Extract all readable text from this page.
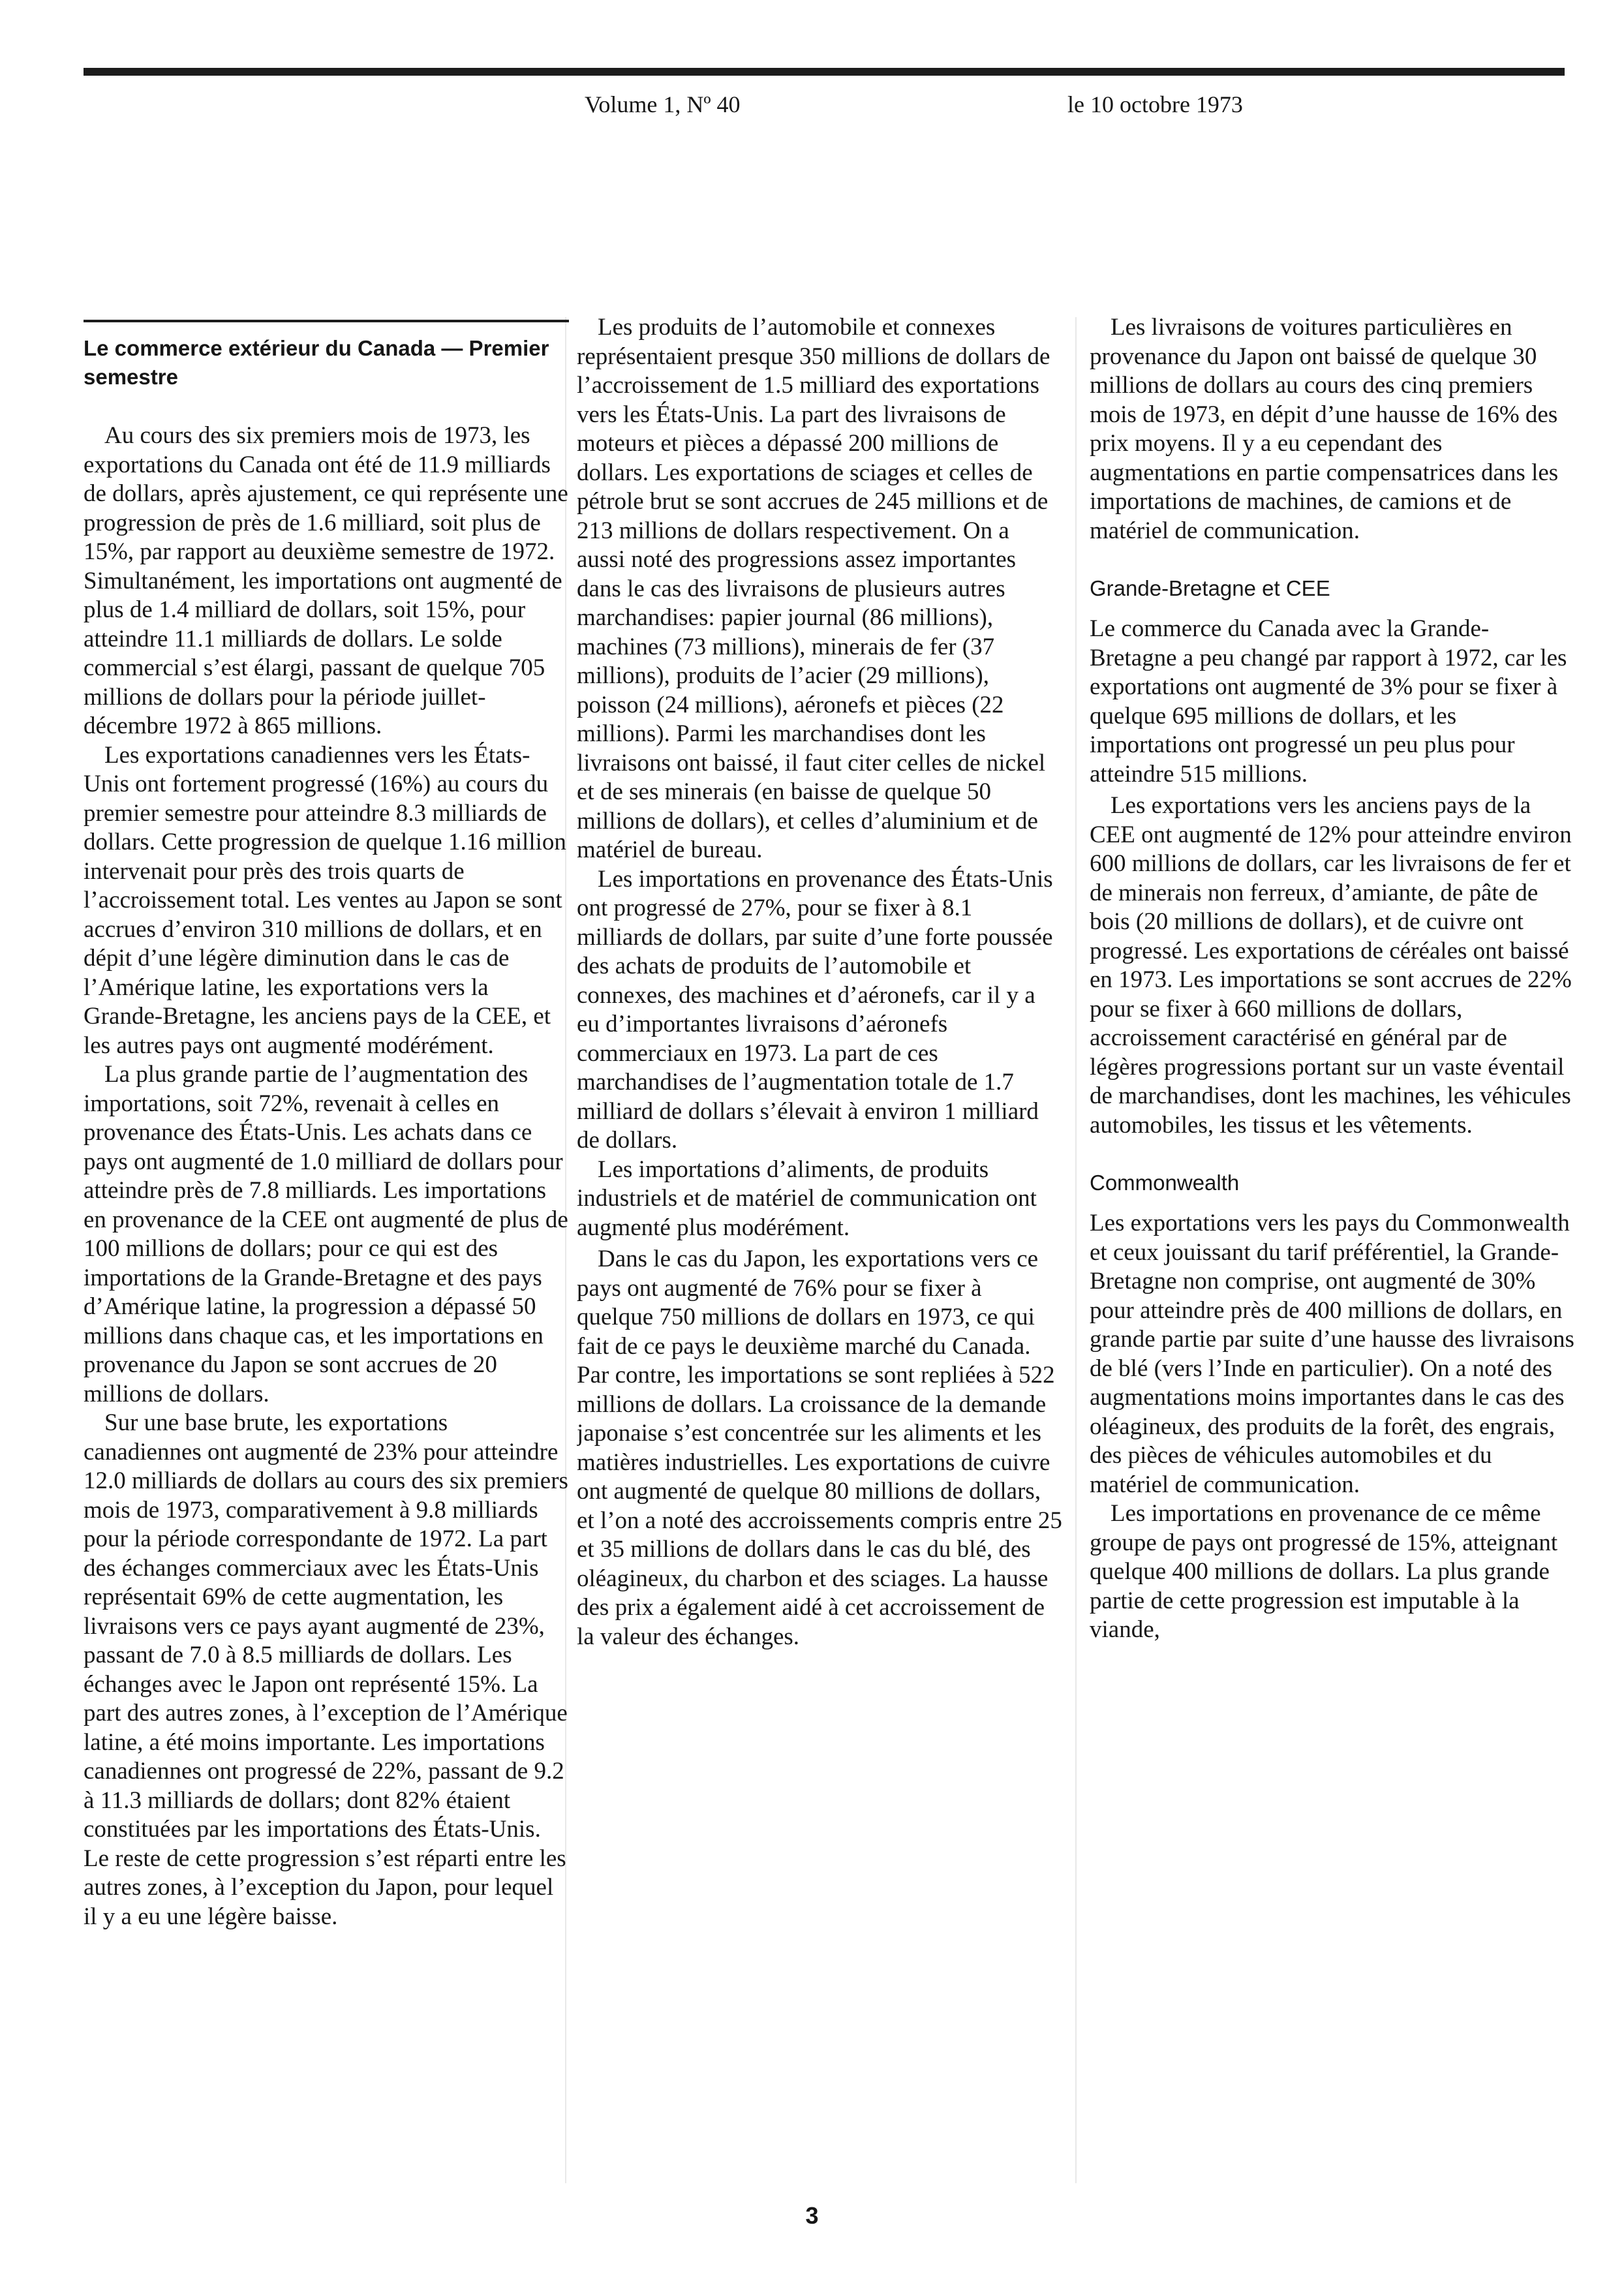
Volume 1, Nº 40	le 10 octobre 1973
Le commerce extérieur du Canada — Premier semestre

Au cours des six premiers mois de 1973, les exportations du Canada ont été de 11.9 milliards de dollars, après ajustement, ce qui représente une progression de près de 1.6 milliard, soit plus de 15%, par rapport au deuxième semestre de 1972. Simultanément, les importations ont augmenté de plus de 1.4 milliard de dollars, soit 15%, pour atteindre 11.1 milliards de dollars. Le solde commercial s’est élargi, passant de quelque 705 millions de dollars pour la période juillet-décembre 1972 à 865 millions.

Les exportations canadiennes vers les États-Unis ont fortement progressé (16%) au cours du premier semestre pour atteindre 8.3 milliards de dollars. Cette progression de quelque 1.16 million intervenait pour près des trois quarts de l’accroissement total. Les ventes au Japon se sont accrues d’environ 310 millions de dollars, et en dépit d’une légère diminution dans le cas de l’Amérique latine, les exportations vers la Grande-Bretagne, les anciens pays de la CEE, et les autres pays ont augmenté modérément.

La plus grande partie de l’augmentation des importations, soit 72%, revenait à celles en provenance des États-Unis. Les achats dans ce pays ont augmenté de 1.0 milliard de dollars pour atteindre près de 7.8 milliards. Les importations en provenance de la CEE ont augmenté de plus de 100 millions de dollars; pour ce qui est des importations de la Grande-Bretagne et des pays d’Amérique latine, la progression a dépassé 50 millions dans chaque cas, et les importations en provenance du Japon se sont accrues de 20 millions de dollars.

Sur une base brute, les exportations canadiennes ont augmenté de 23% pour atteindre 12.0 milliards de dollars au cours des six premiers mois de 1973, comparativement à 9.8 milliards pour la période correspondante de 1972. La part des échanges commerciaux avec les États-Unis représentait 69% de cette augmentation, les livraisons vers ce pays ayant augmenté de 23%, passant de 7.0 à 8.5 milliards de dollars. Les échanges avec le Japon ont représenté 15%. La part des autres zones, à l’exception de l’Amérique latine, a été moins importante. Les importations canadiennes ont progressé de 22%, passant de 9.2 à 11.3 milliards de dollars; dont 82% étaient constituées par les importations des États-Unis. Le reste de cette progression s’est réparti entre les autres zones, à l’exception du Japon, pour lequel il y a eu une légère baisse.

Les produits de l’automobile et connexes représentaient presque 350 millions de dollars de l’accroissement de 1.5 milliard des exportations vers les États-Unis. La part des livraisons de moteurs et pièces a dépassé 200 millions de dollars. Les exportations de sciages et celles de pétrole brut se sont accrues de 245 millions et de 213 millions de dollars respectivement. On a aussi noté des progressions assez importantes dans le cas des livraisons de plusieurs autres marchandises: papier journal (86 millions), machines (73 millions), minerais de fer (37 millions), produits de l’acier (29 millions), poisson (24 millions), aéronefs et pièces (22 millions). Parmi les marchandises dont les livraisons ont baissé, il faut citer celles de nickel et de ses minerais (en baisse de quelque 50 millions de dollars), et celles d’aluminium et de matériel de bureau.

Les importations en provenance des États-Unis ont progressé de 27%, pour se fixer à 8.1 milliards de dollars, par suite d’une forte poussée des achats de produits de l’automobile et connexes, des machines et d’aéronefs, car il y a eu d’importantes livraisons d’aéronefs commerciaux en 1973. La part de ces marchandises de l’augmentation totale de 1.7 milliard de dollars s’élevait à environ 1 milliard de dollars.

Les importations d’aliments, de produits industriels et de matériel de communication ont augmenté plus modérément.

Dans le cas du Japon, les exportations vers ce pays ont augmenté de 76% pour se fixer à quelque 750 millions de dollars en 1973, ce qui fait de ce pays le deuxième marché du Canada. Par contre, les importations se sont repliées à 522 millions de dollars. La croissance de la demande japonaise s’est concentrée sur les aliments et les matières industrielles. Les exportations de cuivre ont augmenté de quelque 80 millions de dollars, et l’on a noté des accroissements compris entre 25 et 35 millions de dollars dans le cas du blé, des oléagineux, du charbon et des sciages. La hausse des prix a également aidé à cet accroissement de la valeur des échanges.

Les livraisons de voitures particulières en provenance du Japon ont baissé de quelque 30 millions de dollars au cours des cinq premiers mois de 1973, en dépit d’une hausse de 16% des prix moyens. Il y a eu cependant des augmentations en partie compensatrices dans les importations de machines, de camions et de matériel de communication.

Grande-Bretagne et CEE

Le commerce du Canada avec la Grande-Bretagne a peu changé par rapport à 1972, car les exportations ont augmenté de 3% pour se fixer à quelque 695 millions de dollars, et les importations ont progressé un peu plus pour atteindre 515 millions.

Les exportations vers les anciens pays de la CEE ont augmenté de 12% pour atteindre environ 600 millions de dollars, car les livraisons de fer et de minerais non ferreux, d’amiante, de pâte de bois (20 millions de dollars), et de cuivre ont progressé. Les exportations de céréales ont baissé en 1973. Les importations se sont accrues de 22% pour se fixer à 660 millions de dollars, accroissement caractérisé en général par de légères progressions portant sur un vaste éventail de marchandises, dont les machines, les véhicules automobiles, les tissus et les vêtements.

Commonwealth

Les exportations vers les pays du Commonwealth et ceux jouissant du tarif préférentiel, la Grande-Bretagne non comprise, ont augmenté de 30% pour atteindre près de 400 millions de dollars, en grande partie par suite d’une hausse des livraisons de blé (vers l’Inde en particulier). On a noté des augmentations moins importantes dans le cas des oléagineux, des produits de la forêt, des engrais, des pièces de véhicules automobiles et du matériel de communication.

Les importations en provenance de ce même groupe de pays ont progressé de 15%, atteignant quelque 400 millions de dollars. La plus grande partie de cette progression est imputable à la viande,

3
